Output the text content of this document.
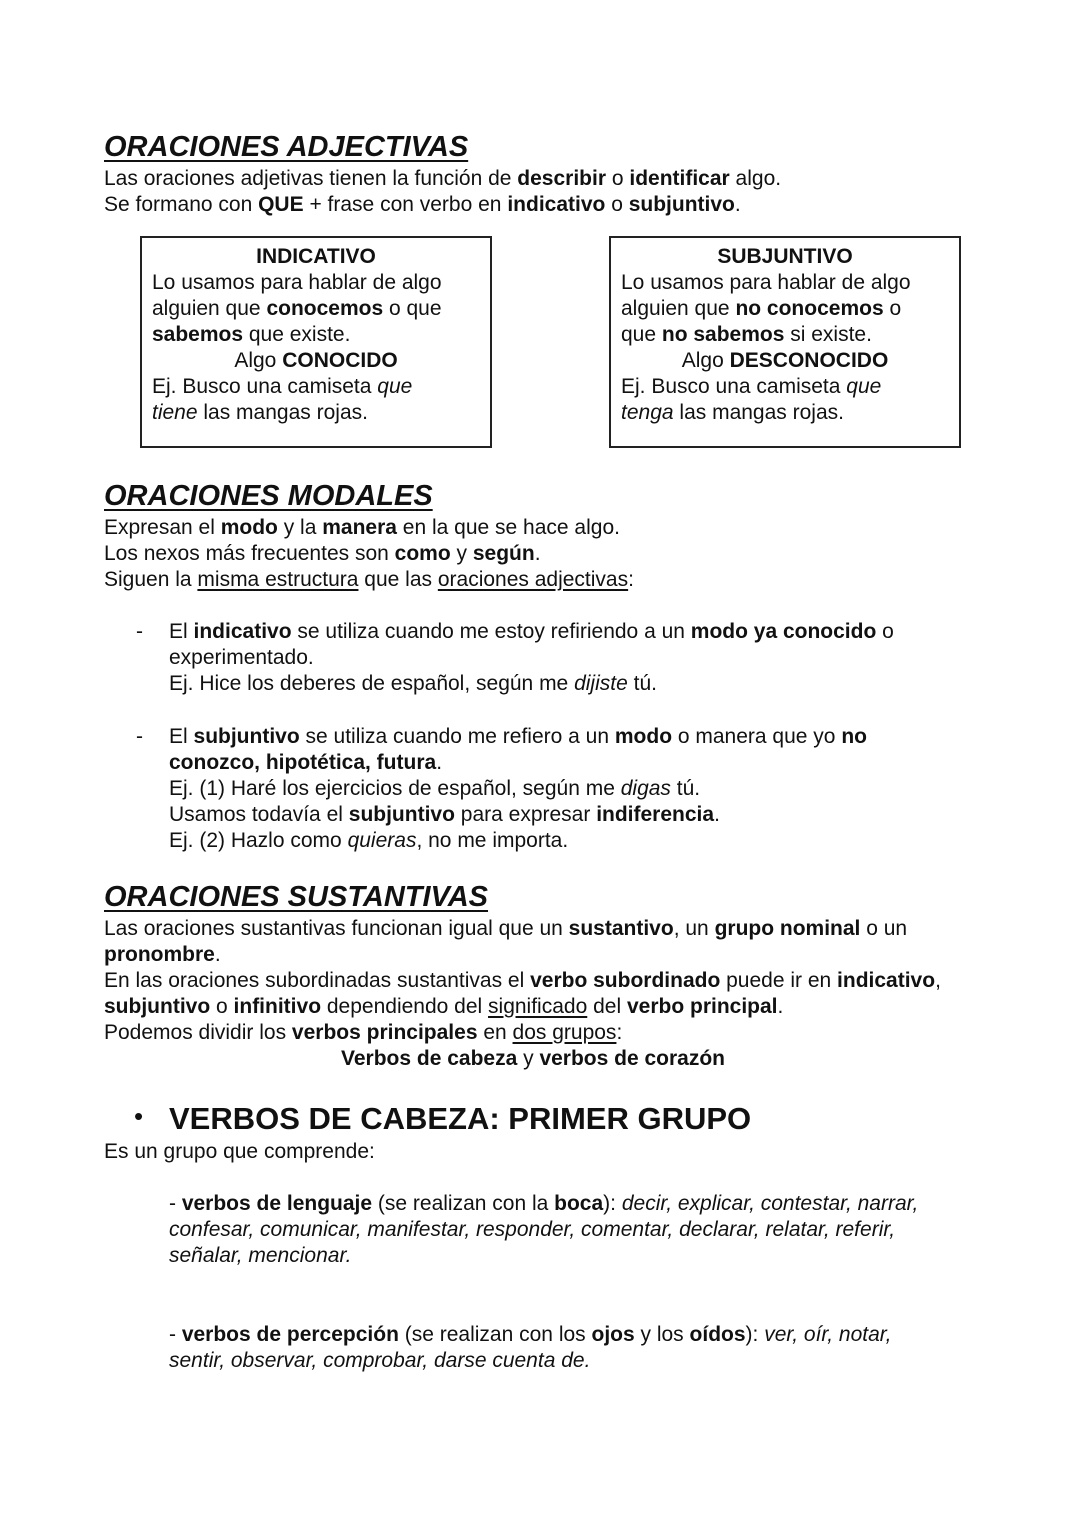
ORACIONES ADJECTIVAS
Las oraciones adjetivas tienen la función de describir o identificar algo.
Se formano con QUE + frase con verbo en indicativo o subjuntivo.
INDICATIVO
Lo usamos para hablar de algo
alguien que conocemos o que
sabemos que existe.
Algo CONOCIDO
Ej. Busco una camiseta que
tiene las mangas rojas.
SUBJUNTIVO
Lo usamos para hablar de algo
alguien que no conocemos o
que no sabemos si existe.
Algo DESCONOCIDO
Ej. Busco una camiseta que
tenga las mangas rojas.
ORACIONES MODALES
Expresan el modo y la manera en la que se hace algo.
Los nexos más frecuentes son como y según.
Siguen la misma estructura que las oraciones adjectivas:
- El indicativo se utiliza cuando me estoy refiriendo a un modo ya conocido o
experimentado.
Ej. Hice los deberes de español, según me dijiste tú.
- El subjuntivo se utiliza cuando me refiero a un modo o manera que yo no
conozco, hipotética, futura.
Ej. (1) Haré los ejercicios de español, según me digas tú.
Usamos todavía el subjuntivo para expresar indiferencia.
Ej. (2) Hazlo como quieras, no me importa.
ORACIONES SUSTANTIVAS
Las oraciones sustantivas funcionan igual que un sustantivo, un grupo nominal o un
pronombre.
En las oraciones subordinadas sustantivas el verbo subordinado puede ir en indicativo,
subjuntivo o infinitivo dependiendo del significado del verbo principal.
Podemos dividir los verbos principales en dos grupos:
Verbos de cabeza y verbos de corazón
• VERBOS DE CABEZA: PRIMER GRUPO
Es un grupo que comprende:
- verbos de lenguaje (se realizan con la boca): decir, explicar, contestar, narrar,
confesar, comunicar, manifestar, responder, comentar, declarar, relatar, referir,
señalar, mencionar.
- verbos de percepción (se realizan con los ojos y los oídos): ver, oír, notar,
sentir, observar, comprobar, darse cuenta de.
